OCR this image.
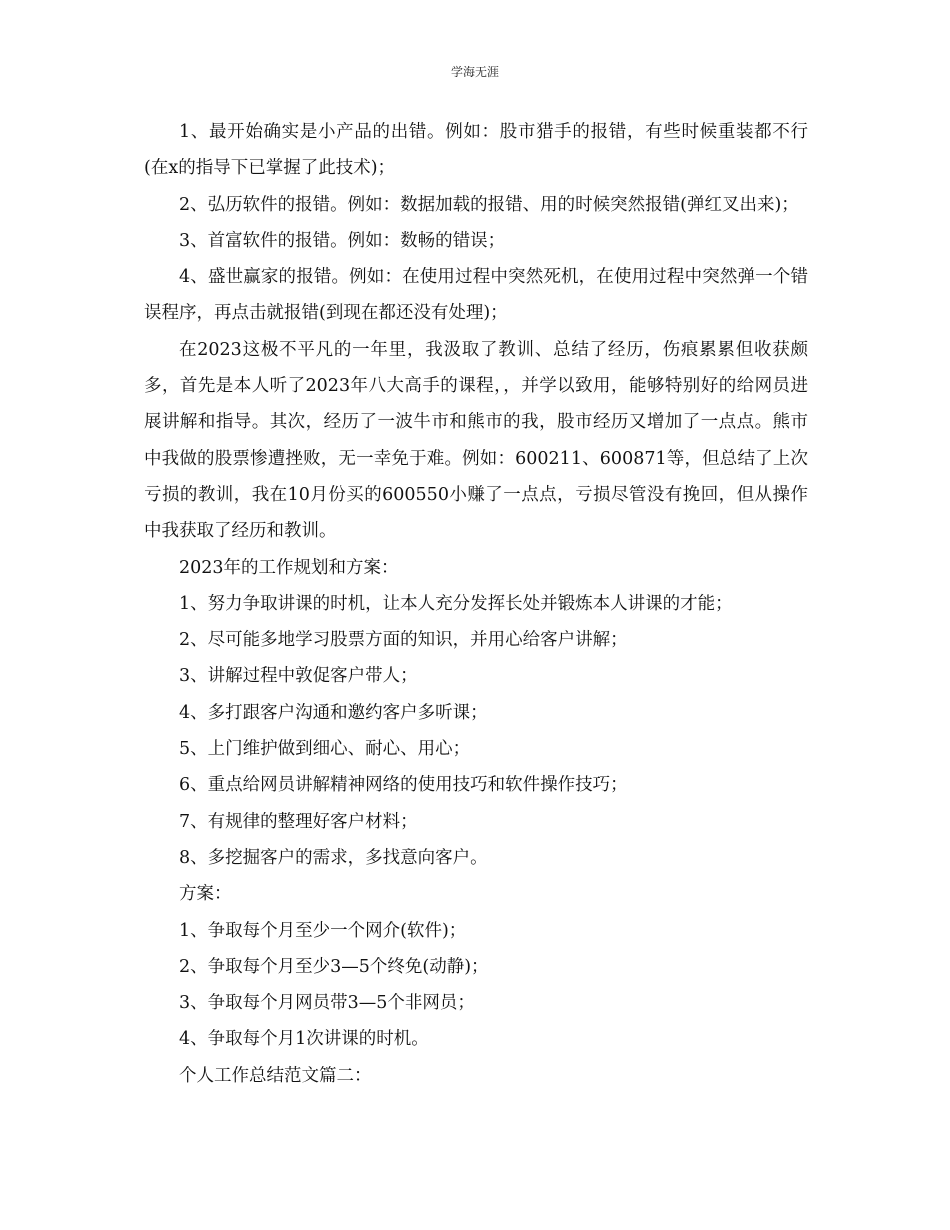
学海无涯

1、最开始确实是小产品的出错。例如：股市猎手的报错，有些时候重装都不行(在x的指导下已掌握了此技术)；

2、弘历软件的报错。例如：数据加载的报错、用的时候突然报错(弹红叉出来)；

3、首富软件的报错。例如：数畅的错误；

4、盛世赢家的报错。例如：在使用过程中突然死机，在使用过程中突然弹一个错误程序，再点击就报错(到现在都还没有处理)；

在2023这极不平凡的一年里，我汲取了教训、总结了经历，伤痕累累但收获颇多，首先是本人听了2023年八大高手的课程，，并学以致用，能够特别好的给网员进展讲解和指导。其次，经历了一波牛市和熊市的我，股市经历又增加了一点点。熊市中我做的股票惨遭挫败，无一幸免于难。例如：600211、600871等，但总结了上次亏损的教训，我在10月份买的600550小赚了一点点，亏损尽管没有挽回，但从操作中我获取了经历和教训。

2023年的工作规划和方案：

1、努力争取讲课的时机，让本人充分发挥长处并锻炼本人讲课的才能；

2、尽可能多地学习股票方面的知识，并用心给客户讲解；

3、讲解过程中敦促客户带人；

4、多打跟客户沟通和邀约客户多听课；

5、上门维护做到细心、耐心、用心；

6、重点给网员讲解精神网络的使用技巧和软件操作技巧；

7、有规律的整理好客户材料；

8、多挖掘客户的需求，多找意向客户。

方案：

1、争取每个月至少一个网介(软件)；

2、争取每个月至少3—5个终免(动静)；

3、争取每个月网员带3—5个非网员；

4、争取每个月1次讲课的时机。

个人工作总结范文篇二：
